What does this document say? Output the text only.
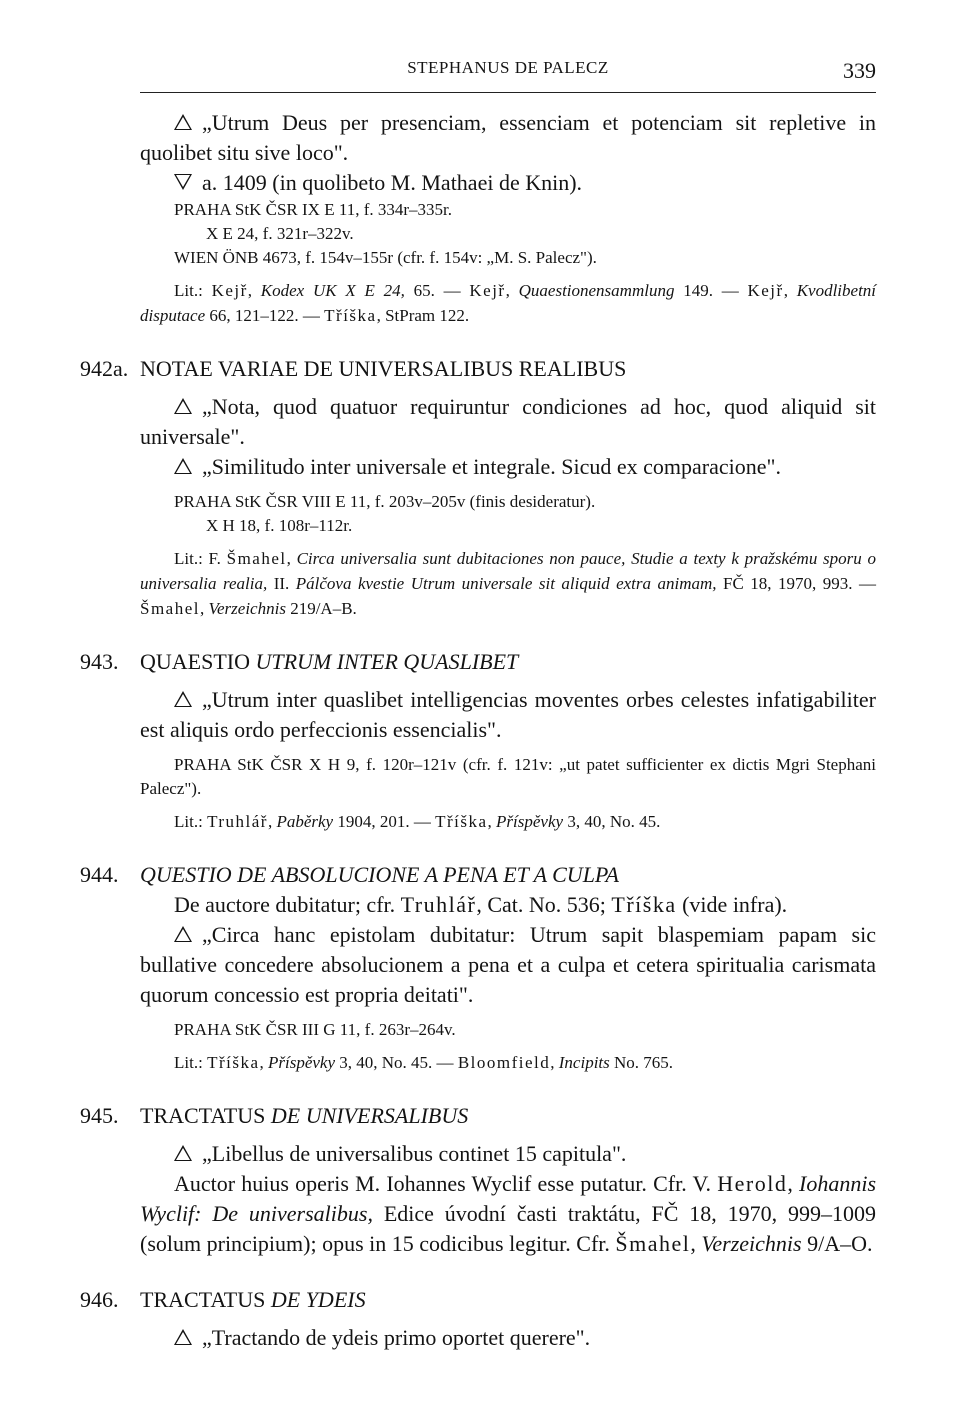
STEPHANUS DE PALECZ	339

„Utrum Deus per presenciam, essenciam et potenciam sit repletive in quolibet situ sive loco".

a. 1409 (in quolibeto M. Mathaei de Knin).

PRAHA StK ČSR IX E 11, f. 334r–335r.

X E 24, f. 321r–322v.

WIEN ÖNB 4673, f. 154v–155r (cfr. f. 154v: „M. S. Palecz").

Lit.: Kejř, Kodex UK X E 24, 65. — Kejř, Quaestionensammlung 149. — Kejř, Kvodlibetní disputace 66, 121–122. — Tříška, StPram 122.

942a. NOTAE VARIAE DE UNIVERSALIBUS REALIBUS

„Nota, quod quatuor requiruntur condiciones ad hoc, quod aliquid sit universale".

„Similitudo inter universale et integrale. Sicud ex comparacione".

PRAHA StK ČSR VIII E 11, f. 203v–205v (finis desideratur).

X H 18, f. 108r–112r.

Lit.: F. Šmahel, Circa universalia sunt dubitaciones non pauce, Studie a texty k pražskému sporu o universalia realia, II. Pálčova kvestie Utrum universale sit aliquid extra animam, FČ 18, 1970, 993. — Šmahel, Verzeichnis 219/A–B.

943. QUAESTIO UTRUM INTER QUASLIBET

„Utrum inter quaslibet intelligencias moventes orbes celestes infatigabiliter est aliquis ordo perfeccionis essencialis".

PRAHA StK ČSR X H 9, f. 120r–121v (cfr. f. 121v: „ut patet sufficienter ex dictis Mgri Stephani Palecz").

Lit.: Truhlář, Paběrky 1904, 201. — Tříška, Příspěvky 3, 40, No. 45.

944. QUESTIO DE ABSOLUCIONE A PENA ET A CULPA

De auctore dubitatur; cfr. Truhlář, Cat. No. 536; Tříška (vide infra).

„Circa hanc epistolam dubitatur: Utrum sapit blaspemiam papam sic bullative concedere absolucionem a pena et a culpa et cetera spiritualia carismata quorum concessio est propria deitati".

PRAHA StK ČSR III G 11, f. 263r–264v.

Lit.: Tříška, Příspěvky 3, 40, No. 45. — Bloomfield, Incipits No. 765.

945. TRACTATUS DE UNIVERSALIBUS

„Libellus de universalibus continet 15 capitula".

Auctor huius operis M. Iohannes Wyclif esse putatur. Cfr. V. Herold, Iohannis Wyclif: De universalibus, Edice úvodní časti traktátu, FČ 18, 1970, 999–1009 (solum principium); opus in 15 codicibus legitur. Cfr. Šmahel, Verzeichnis 9/A–O.

946. TRACTATUS DE YDEIS

„Tractando de ydeis primo oportet querere".
